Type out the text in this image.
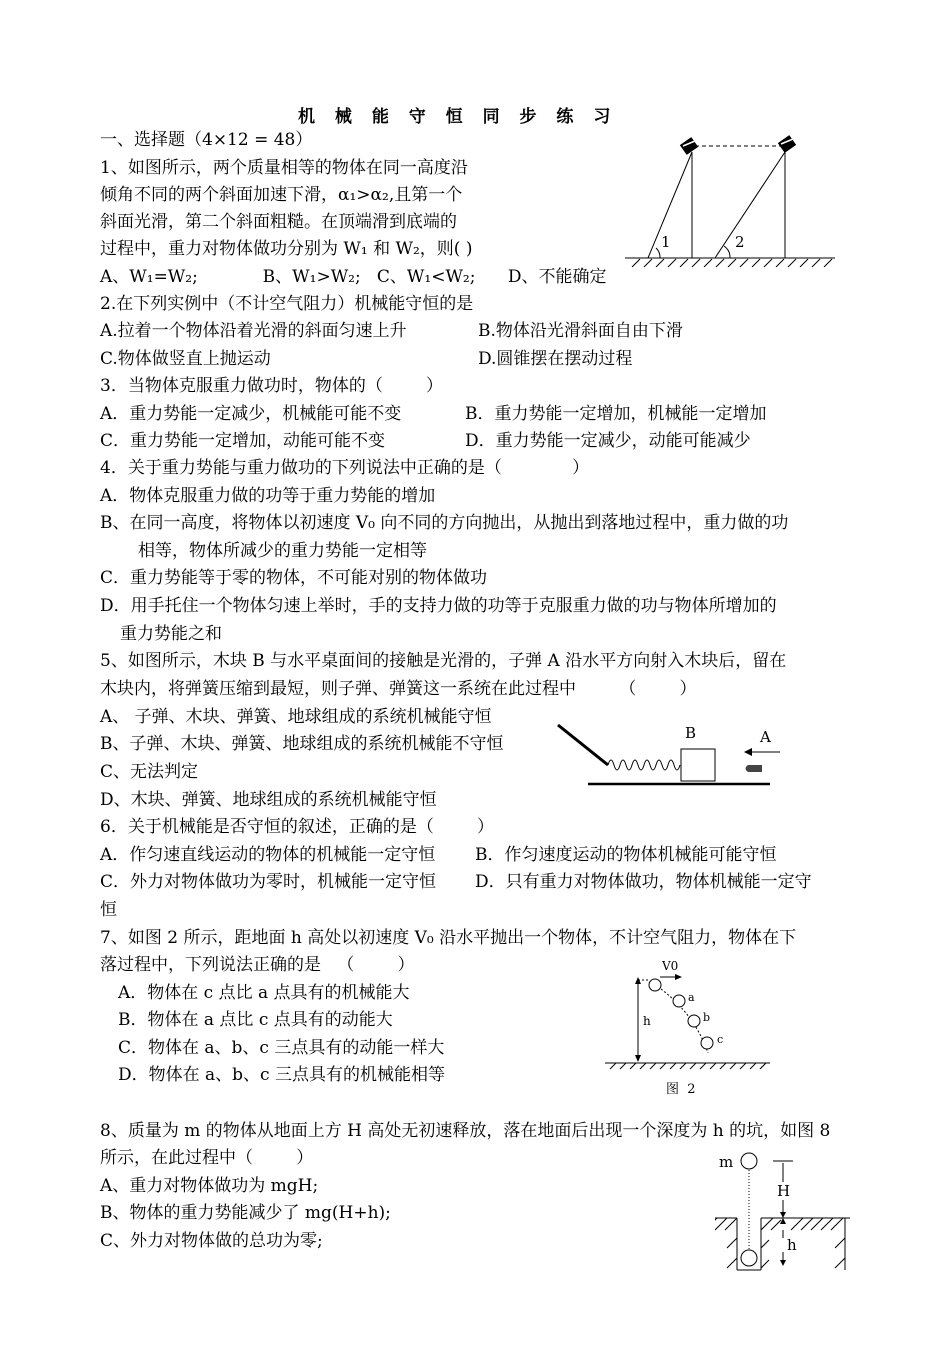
机 械 能 守 恒 同 步 练 习
一、选择题（4×12 = 48）
1、如图所示，两个质量相等的物体在同一高度沿
倾角不同的两个斜面加速下滑，α₁>α₂,且第一个
斜面光滑，第二个斜面粗糙。在顶端滑到底端的
过程中，重力对物体做功分别为 W₁ 和 W₂，则( )
A、W₁=W₂;            B、W₁>W₂;   C、W₁<W₂;      D、不能确定
2.在下列实例中（不计空气阻力）机械能守恒的是
A.拉着一个物体沿着光滑的斜面匀速上升	B.物体沿光滑斜面自由下滑
C.物体做竖直上抛运动	D.圆锥摆在摆动过程
3．当物体克服重力做功时，物体的（        ）
A．重力势能一定减少，机械能可能不变	B．重力势能一定增加，机械能一定增加
C．重力势能一定增加，动能可能不变	D．重力势能一定减少，动能可能减少
4．关于重力势能与重力做功的下列说法中正确的是（             ）
A．物体克服重力做的功等于重力势能的增加
B、在同一高度，将物体以初速度 V₀ 向不同的方向抛出，从抛出到落地过程中，重力做的功
相等，物体所减少的重力势能一定相等
C．重力势能等于零的物体，不可能对别的物体做功
D．用手托住一个物体匀速上举时，手的支持力做的功等于克服重力做的功与物体所增加的
重力势能之和
5、如图所示，木块 B 与水平桌面间的接触是光滑的，子弹 A 沿水平方向射入木块后，留在
木块内，将弹簧压缩到最短，则子弹、弹簧这一系统在此过程中        （        ）
A、 子弹、木块、弹簧、地球组成的系统机械能守恒
B、子弹、木块、弹簧、地球组成的系统机械能不守恒
C、无法判定
D、木块、弹簧、地球组成的系统机械能守恒
6．关于机械能是否守恒的叙述，正确的是（        ）
A．作匀速直线运动的物体的机械能一定守恒 B．作匀速度运动的物体机械能可能守恒
C．外力对物体做功为零时，机械能一定守恒 D．只有重力对物体做功，物体机械能一定守
恒
7、如图 2 所示，距地面 h 高处以初速度 V₀ 沿水平抛出一个物体，不计空气阻力，物体在下
落过程中，下列说法正确的是   （        ）
A．物体在 c 点比 a 点具有的机械能大
B．物体在 a 点比 c 点具有的动能大
C．物体在 a、b、c 三点具有的动能一样大
D．物体在 a、b、c 三点具有的机械能相等
8、质量为 m 的物体从地面上方 H 高处无初速释放，落在地面后出现一个深度为 h 的坑，如图 8
所示，在此过程中（        ）
A、重力对物体做功为 mgH;
B、物体的重力势能减少了 mg(H+h);
C、外力对物体做的总功为零;
1	2
B	A
V0
h
a
b
c
图  2
m
H
h
